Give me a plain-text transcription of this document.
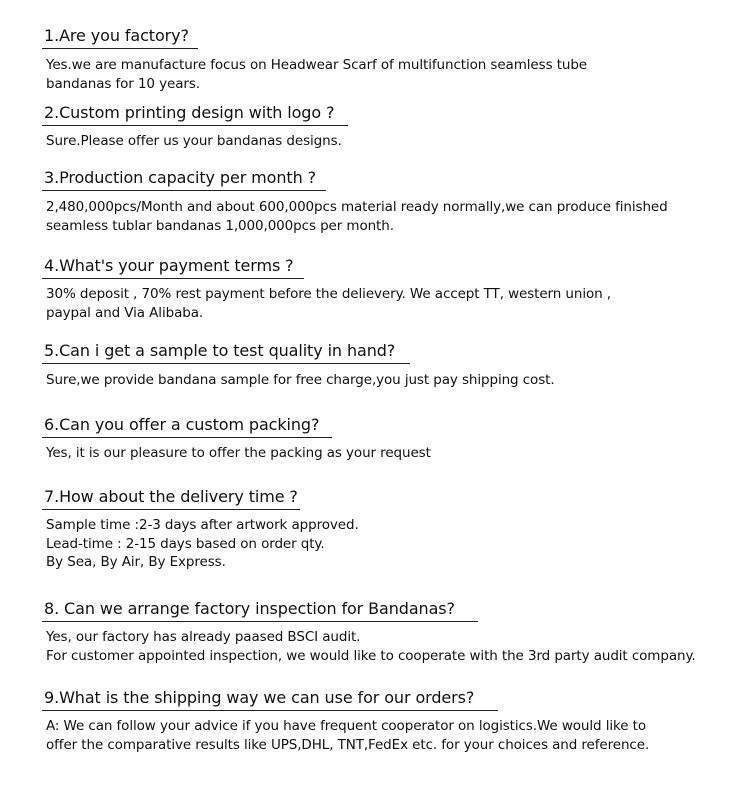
1.Are you factory?
Yes.we are manufacture focus on Headwear Scarf of multifunction seamless tube
bandanas for 10 years.
2.Custom printing design with logo ?
Sure.Please offer us your bandanas designs.
3.Production capacity per month ?
2,480,000pcs/Month and about 600,000pcs material ready normally,we can produce finished
seamless tublar bandanas 1,000,000pcs per month.
4.What's your payment terms ?
30% deposit , 70% rest payment before the delievery. We accept TT, western union ,
paypal and Via Alibaba.
5.Can i get a sample to test quality in hand?
Sure,we provide bandana sample for free charge,you just pay shipping cost.
6.Can you offer a custom packing?
Yes, it is our pleasure to offer the packing as your request
7.How about the delivery time ?
Sample time :2-3 days after artwork approved.
Lead-time : 2-15 days based on order qty.
By Sea, By Air, By Express.
8. Can we arrange factory inspection for Bandanas?
Yes, our factory has already paased BSCI audit.
For customer appointed inspection, we would like to cooperate with the 3rd party audit company.
9.What is the shipping way we can use for our orders?
A: We can follow your advice if you have frequent cooperator on logistics.We would like to
offer the comparative results like UPS,DHL, TNT,FedEx etc. for your choices and reference.
